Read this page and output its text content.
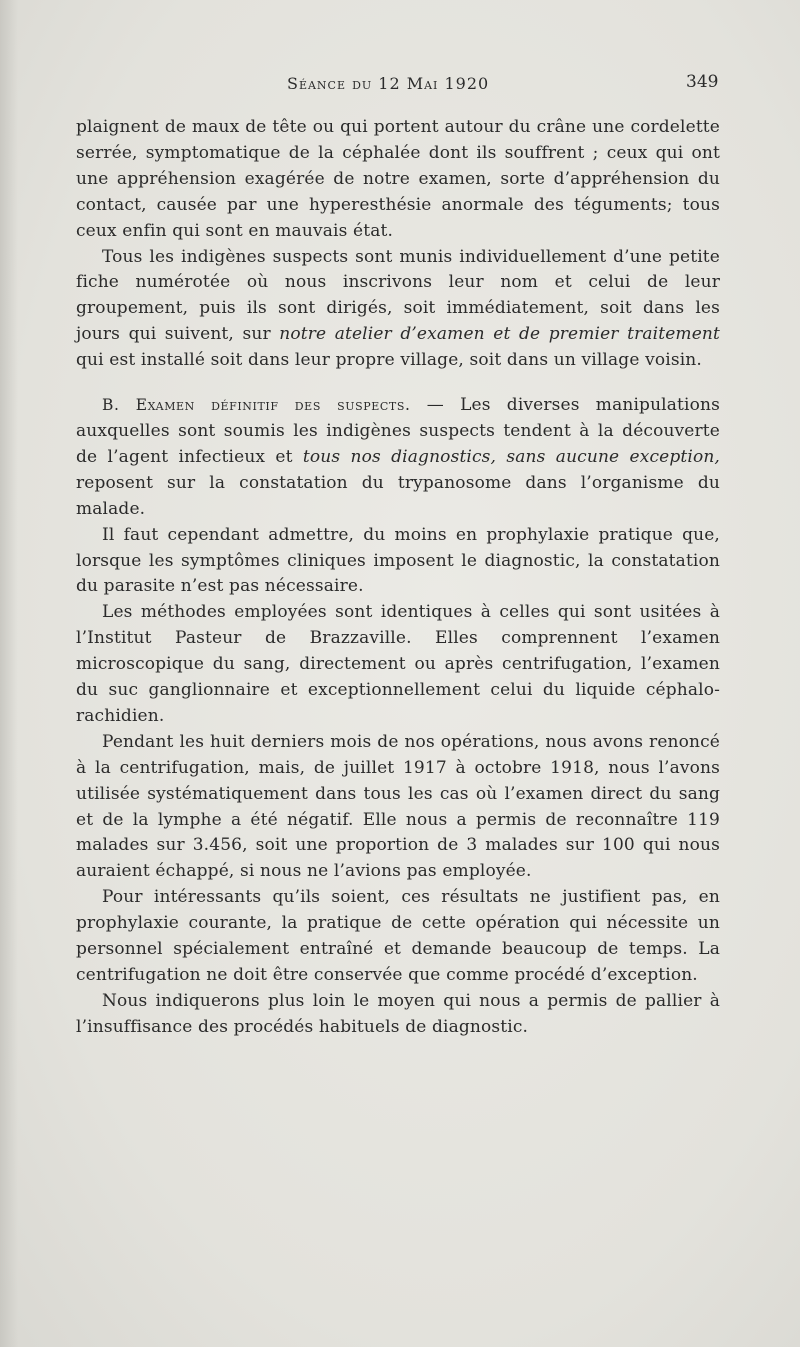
Séance du 12 Mai 1920	349

plaignent de maux de tête ou qui portent autour du crâne une cordelette serrée, symptomatique de la céphalée dont ils souffrent ; ceux qui ont une appréhension exagérée de notre examen, sorte d’appréhension du contact, causée par une hyperesthésie anormale des téguments; tous ceux enfin qui sont en mauvais état.

Tous les indigènes suspects sont munis individuellement d’une petite fiche numérotée où nous inscrivons leur nom et celui de leur groupement, puis ils sont dirigés, soit immédiatement, soit dans les jours qui suivent, sur notre atelier d’examen et de premier traitement qui est installé soit dans leur propre village, soit dans un village voisin.

B. Examen définitif des suspects. — Les diverses manipulations auxquelles sont soumis les indigènes suspects tendent à la découverte de l’agent infectieux et tous nos diagnostics, sans aucune exception, reposent sur la constatation du trypanosome dans l’organisme du malade.

Il faut cependant admettre, du moins en prophylaxie pratique que, lorsque les symptômes cliniques imposent le diagnostic, la constatation du parasite n’est pas nécessaire.

Les méthodes employées sont identiques à celles qui sont usitées à l’Institut Pasteur de Brazzaville. Elles comprennent l’examen microscopique du sang, directement ou après centrifugation, l’examen du suc ganglionnaire et exceptionnellement celui du liquide céphalo-rachidien.

Pendant les huit derniers mois de nos opérations, nous avons renoncé à la centrifugation, mais, de juillet 1917 à octobre 1918, nous l’avons utilisée systématiquement dans tous les cas où l’examen direct du sang et de la lymphe a été négatif. Elle nous a permis de reconnaître 119 malades sur 3.456, soit une proportion de 3 malades sur 100 qui nous auraient échappé, si nous ne l’avions pas employée.

Pour intéressants qu’ils soient, ces résultats ne justifient pas, en prophylaxie courante, la pratique de cette opération qui nécessite un personnel spécialement entraîné et demande beaucoup de temps. La centrifugation ne doit être conservée que comme procédé d’exception.

Nous indiquerons plus loin le moyen qui nous a permis de pallier à l’insuffisance des procédés habituels de diagnostic.
